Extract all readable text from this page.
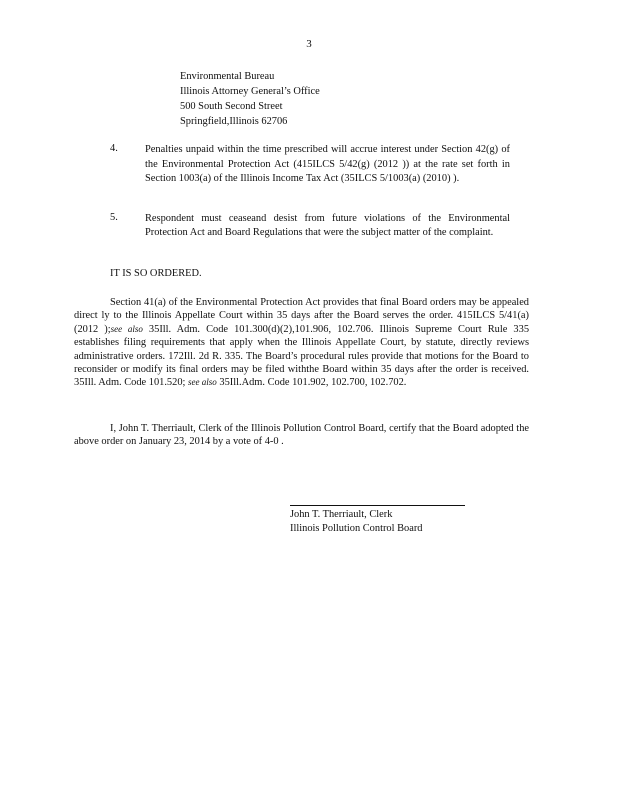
3
Environmental Bureau
Illinois Attorney General’s Office
500 South Second Street
Springfield,Illinois 62706
4.	Penalties unpaid within the time prescribed will accrue interest under Section 42(g) of the Environmental Protection Act (415ILCS 5/42(g) (2012 )) at the rate set forth in Section 1003(a) of the Illinois Income Tax Act (35ILCS 5/1003(a) (2010) ).
5.	Respondent must ceaseand desist from future violations of the Environmental Protection Act and Board Regulations that were the subject matter of the complaint.
IT IS SO ORDERED.

Section 41(a) of the Environmental Protection Act provides that final Board orders may be appealed direct ly to the Illinois Appellate Court within 35 days after the Board serves the order. 415ILCS 5/41(a) (2012 );see also 35Ill. Adm. Code 101.300(d)(2),101.906, 102.706. Illinois Supreme Court Rule 335 establishes filing requirements that apply when the Illinois Appellate Court, by statute, directly reviews administrative orders. 172Ill. 2d R. 335. The Board’s procedural rules provide that motions for the Board to reconsider or modify its final orders may be filed withthe Board within 35 days after the order is received. 35Ill. Adm. Code 101.520; see also 35Ill.Adm. Code 101.902, 102.700, 102.702.

I, John T. Therriault, Clerk of the Illinois Pollution Control Board, certify that the Board adopted the above order on January 23, 2014 by a vote of 4-0 .

John T. Therriault, Clerk
Illinois Pollution Control Board
